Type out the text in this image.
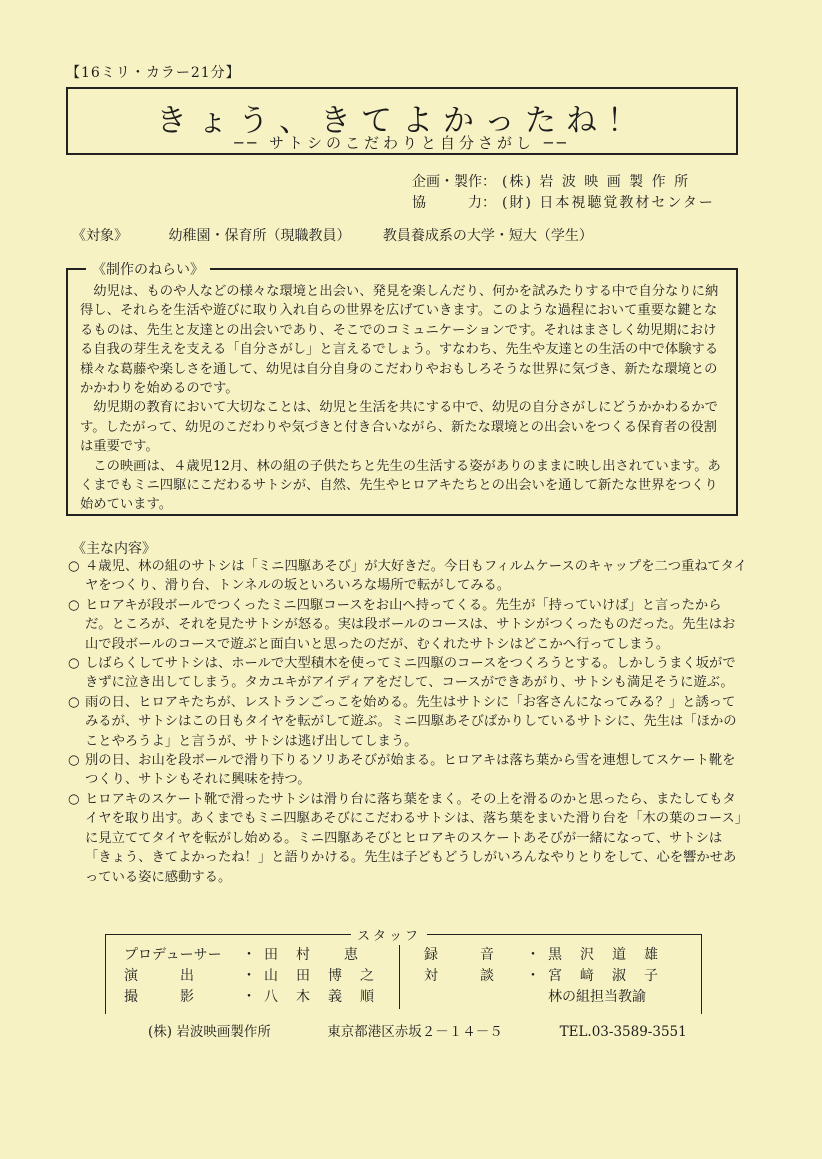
【16ミリ・カラー21分】
きょう、きてよかったね！
── サトシのこだわりと自分さがし ──
企画・製作： (株) 岩 波 映 画 製 作 所
協　　　力： (財) 日本視聴覚教材センター
《対象》	幼稚園・保育所（現職教員） 教員養成系の大学・短大（学生）
《制作のねらい》

幼児は、ものや人などの様々な環境と出会い、発見を楽しんだり、何かを試みたりする中で自分なりに納得し、それらを生活や遊びに取り入れ自らの世界を広げていきます。このような過程において重要な鍵となるものは、先生と友達との出会いであり、そこでのコミュニケーションです。それはまさしく幼児期における自我の芽生えを支える「自分さがし」と言えるでしょう。すなわち、先生や友達との生活の中で体験する様々な葛藤や楽しさを通して、幼児は自分自身のこだわりやおもしろそうな世界に気づき、新たな環境とのかかわりを始めるのです。

幼児期の教育において大切なことは、幼児と生活を共にする中で、幼児の自分さがしにどうかかわるかです。したがって、幼児のこだわりや気づきと付き合いながら、新たな環境との出会いをつくる保育者の役割は重要です。

この映画は、４歳児12月、林の組の子供たちと先生の生活する姿がありのままに映し出されています。あくまでもミニ四駆にこだわるサトシが、自然、先生やヒロアキたちとの出会いを通して新たな世界をつくり始めています。

《主な内容》
○ ４歳児、林の組のサトシは「ミニ四駆あそび」が大好きだ。今日もフィルムケースのキャップを二つ重ねてタイヤをつくり、滑り台、トンネルの坂といろいろな場所で転がしてみる。
○ ヒロアキが段ボールでつくったミニ四駆コースをお山へ持ってくる。先生が「持っていけば」と言ったからだ。ところが、それを見たサトシが怒る。実は段ボールのコースは、サトシがつくったものだった。先生はお山で段ボールのコースで遊ぶと面白いと思ったのだが、むくれたサトシはどこかへ行ってしまう。
○ しばらくしてサトシは、ホールで大型積木を使ってミニ四駆のコースをつくろうとする。しかしうまく坂ができずに泣き出してしまう。タカユキがアイディアをだして、コースができあがり、サトシも満足そうに遊ぶ。
○ 雨の日、ヒロアキたちが、レストランごっこを始める。先生はサトシに「お客さんになってみる？」と誘ってみるが、サトシはこの日もタイヤを転がして遊ぶ。ミニ四駆あそびばかりしているサトシに、先生は「ほかのことやろうよ」と言うが、サトシは逃げ出してしまう。
○ 別の日、お山を段ボールで滑り下りるソリあそびが始まる。ヒロアキは落ち葉から雪を連想してスケート靴をつくり、サトシもそれに興味を持つ。
○ ヒロアキのスケート靴で滑ったサトシは滑り台に落ち葉をまく。その上を滑るのかと思ったら、またしてもタイヤを取り出す。あくまでもミニ四駆あそびにこだわるサトシは、落ち葉をまいた滑り台を「木の葉のコース」に見立ててタイヤを転がし始める。ミニ四駆あそびとヒロアキのスケートあそびが一緒になって、サトシは「きょう、きてよかったね！」と語りかける。先生は子どもどうしがいろんなやりとりをして、心を響かせあっている姿に感動する。
スタッフ
プロデューサー	・ 田　村　　恵
演　　　出	・ 山　田　博　之
撮　　　影	・ 八　木　義　順
録　　　音	・ 黒　沢　道　雄
対　　　談	・ 宮　﨑　淑　子
林の組担当教諭
(株) 岩波映画製作所	東京都港区赤坂２－１４－５	TEL.03-3589-3551
